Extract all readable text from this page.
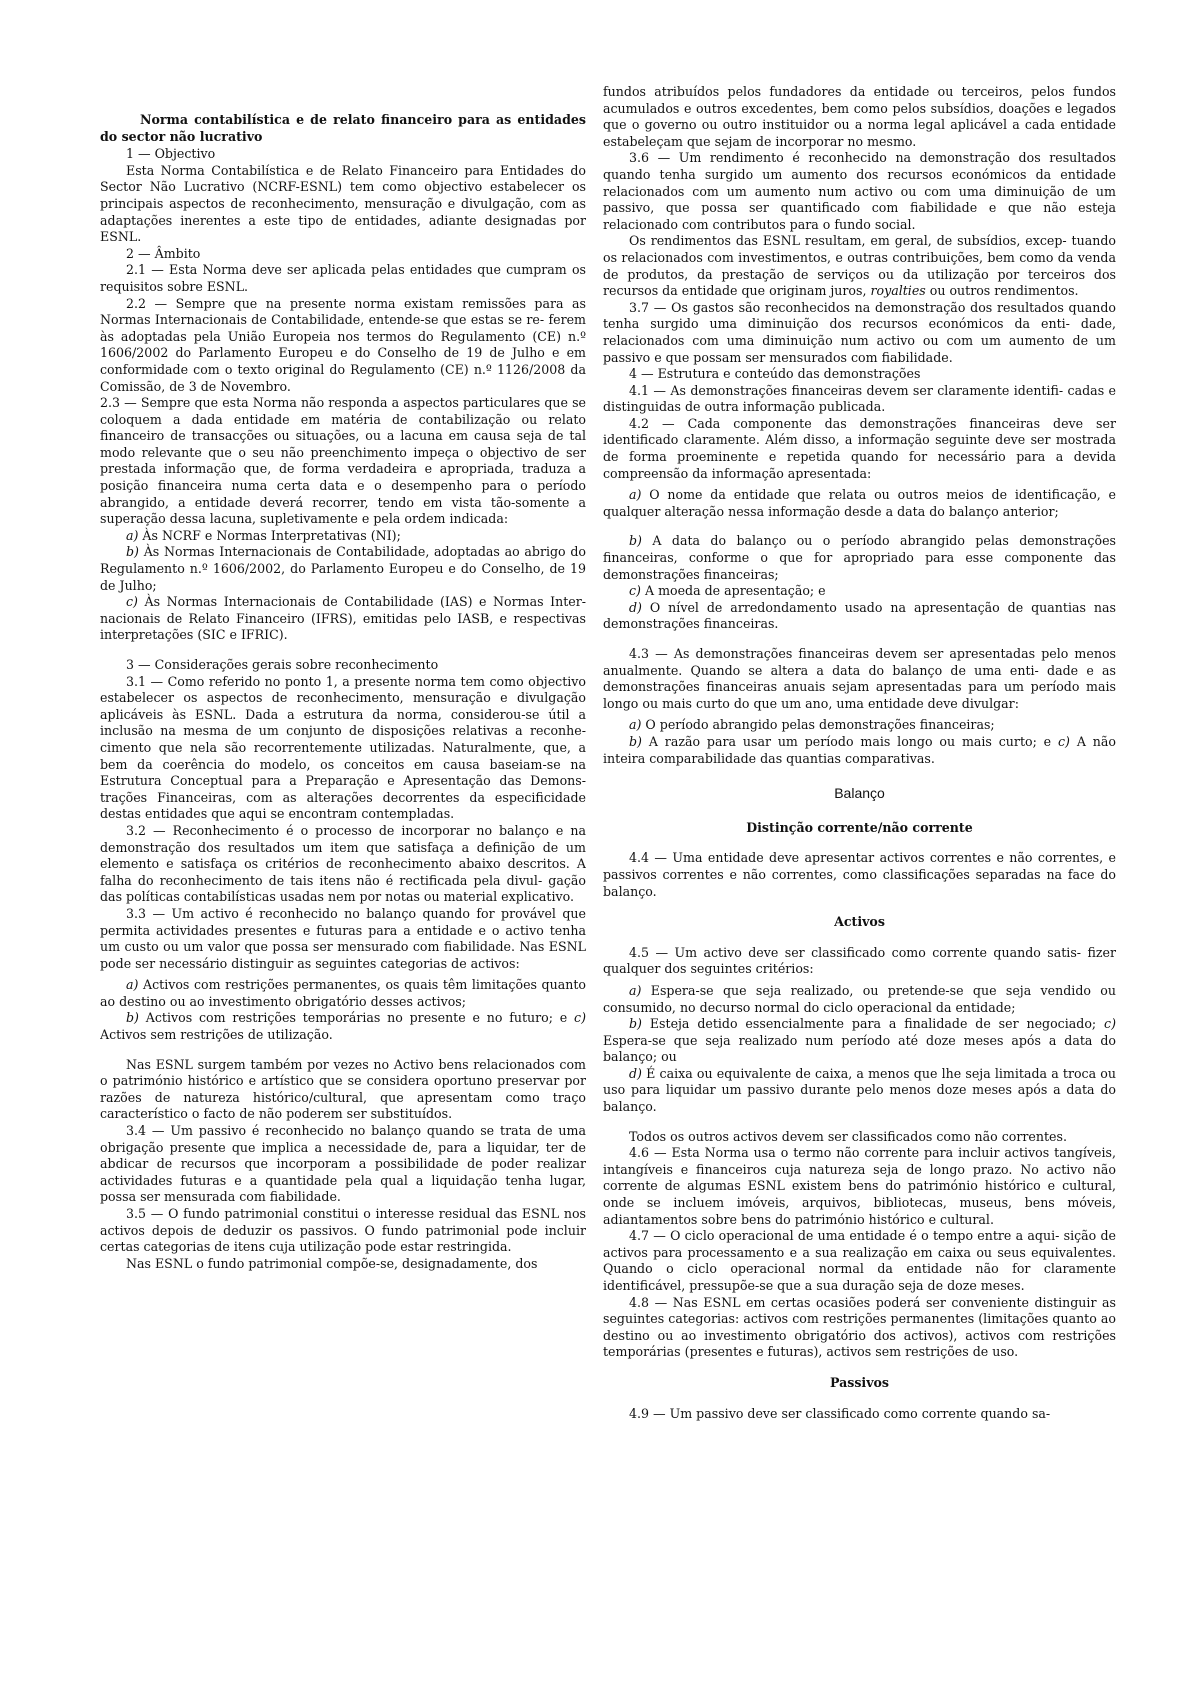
Norma contabilística e de relato financeiro para as entidades do sector não lucrativo

1 — Objectivo

Esta Norma Contabilística e de Relato Financeiro para Entidades do Sector Não Lucrativo (NCRF-ESNL) tem como objectivo estabelecer os principais aspectos de reconhecimento, mensuração e divulgação, com as adaptações inerentes a este tipo de entidades, adiante designadas por ESNL.

2 — Âmbito

2.1 — Esta Norma deve ser aplicada pelas entidades que cumpram os requisitos sobre ESNL.

2.2 — Sempre que na presente norma existam remissões para as Normas Internacionais de Contabilidade, entende-se que estas se re- ferem às adoptadas pela União Europeia nos termos do Regulamento (CE) n.º 1606/2002 do Parlamento Europeu e do Conselho de 19 de Julho e em conformidade com o texto original do Regulamento (CE) n.º 1126/2008 da Comissão, de 3 de Novembro.

2.3 — Sempre que esta Norma não responda a aspectos particulares que se coloquem a dada entidade em matéria de contabilização ou relato financeiro de transacções ou situações, ou a lacuna em causa seja de tal modo relevante que o seu não preenchimento impeça o objectivo de ser prestada informação que, de forma verdadeira e apropriada, traduza a posição financeira numa certa data e o desempenho para o período abrangido, a entidade deverá recorrer, tendo em vista tão-somente a superação dessa lacuna, supletivamente e pela ordem indicada:

a) Às NCRF e Normas Interpretativas (NI);

b) Às Normas Internacionais de Contabilidade, adoptadas ao abrigo do Regulamento n.º 1606/2002, do Parlamento Europeu e do Conselho, de 19 de Julho;

c) Às Normas Internacionais de Contabilidade (IAS) e Normas Inter- nacionais de Relato Financeiro (IFRS), emitidas pelo IASB, e respectivas interpretações (SIC e IFRIC).

3 — Considerações gerais sobre reconhecimento

3.1 — Como referido no ponto 1, a presente norma tem como objectivo estabelecer os aspectos de reconhecimento, mensuração e divulgação aplicáveis às ESNL. Dada a estrutura da norma, considerou-se útil a inclusão na mesma de um conjunto de disposições relativas a reconhe- cimento que nela são recorrentemente utilizadas. Naturalmente, que, a bem da coerência do modelo, os conceitos em causa baseiam-se na Estrutura Conceptual para a Preparação e Apresentação das Demons- trações Financeiras, com as alterações decorrentes da especificidade destas entidades que aqui se encontram contempladas.

3.2 — Reconhecimento é o processo de incorporar no balanço e na demonstração dos resultados um item que satisfaça a definição de um elemento e satisfaça os critérios de reconhecimento abaixo descritos. A falha do reconhecimento de tais itens não é rectificada pela divul- gação das políticas contabilísticas usadas nem por notas ou material explicativo.

3.3 — Um activo é reconhecido no balanço quando for provável que permita actividades presentes e futuras para a entidade e o activo tenha um custo ou um valor que possa ser mensurado com fiabilidade. Nas ESNL pode ser necessário distinguir as seguintes categorias de activos:

a) Activos com restrições permanentes, os quais têm limitações quanto ao destino ou ao investimento obrigatório desses activos;

b) Activos com restrições temporárias no presente e no futuro; e c) Activos sem restrições de utilização.

Nas ESNL surgem também por vezes no Activo bens relacionados com o património histórico e artístico que se considera oportuno preservar por razões de natureza histórico/cultural, que apresentam como traço característico o facto de não poderem ser substituídos.

3.4 — Um passivo é reconhecido no balanço quando se trata de uma obrigação presente que implica a necessidade de, para a liquidar, ter de abdicar de recursos que incorporam a possibilidade de poder realizar actividades futuras e a quantidade pela qual a liquidação tenha lugar, possa ser mensurada com fiabilidade.

3.5 — O fundo patrimonial constitui o interesse residual das ESNL nos activos depois de deduzir os passivos. O fundo patrimonial pode incluir certas categorias de itens cuja utilização pode estar restringida.

Nas ESNL o fundo patrimonial compõe-se, designadamente, dos

fundos atribuídos pelos fundadores da entidade ou terceiros, pelos fundos acumulados e outros excedentes, bem como pelos subsídios, doações e legados que o governo ou outro instituidor ou a norma legal aplicável a cada entidade estabeleçam que sejam de incorporar no mesmo.

3.6 — Um rendimento é reconhecido na demonstração dos resultados quando tenha surgido um aumento dos recursos económicos da entidade relacionados com um aumento num activo ou com uma diminuição de um passivo, que possa ser quantificado com fiabilidade e que não esteja relacionado com contributos para o fundo social.

Os rendimentos das ESNL resultam, em geral, de subsídios, excep- tuando os relacionados com investimentos, e outras contribuições, bem como da venda de produtos, da prestação de serviços ou da utilização por terceiros dos recursos da entidade que originam juros, royalties ou outros rendimentos.

3.7 — Os gastos são reconhecidos na demonstração dos resultados quando tenha surgido uma diminuição dos recursos económicos da enti- dade, relacionados com uma diminuição num activo ou com um aumento de um passivo e que possam ser mensurados com fiabilidade.

4 — Estrutura e conteúdo das demonstrações

4.1 — As demonstrações financeiras devem ser claramente identifi- cadas e distinguidas de outra informação publicada.

4.2 — Cada componente das demonstrações financeiras deve ser identificado claramente. Além disso, a informação seguinte deve ser mostrada de forma proeminente e repetida quando for necessário para a devida compreensão da informação apresentada:

a) O nome da entidade que relata ou outros meios de identificação, e qualquer alteração nessa informação desde a data do balanço anterior;

b) A data do balanço ou o período abrangido pelas demonstrações financeiras, conforme o que for apropriado para esse componente das demonstrações financeiras;

c) A moeda de apresentação; e

d) O nível de arredondamento usado na apresentação de quantias nas demonstrações financeiras.

4.3 — As demonstrações financeiras devem ser apresentadas pelo menos anualmente. Quando se altera a data do balanço de uma enti- dade e as demonstrações financeiras anuais sejam apresentadas para um período mais longo ou mais curto do que um ano, uma entidade deve divulgar:

a) O período abrangido pelas demonstrações financeiras;

b) A razão para usar um período mais longo ou mais curto; e c) A não inteira comparabilidade das quantias comparativas.

Balanço

Distinção corrente/não corrente

4.4 — Uma entidade deve apresentar activos correntes e não correntes, e passivos correntes e não correntes, como classificações separadas na face do balanço.

Activos

4.5 — Um activo deve ser classificado como corrente quando satis- fizer qualquer dos seguintes critérios:

a) Espera-se que seja realizado, ou pretende-se que seja vendido ou consumido, no decurso normal do ciclo operacional da entidade;

b) Esteja detido essencialmente para a finalidade de ser negociado; c) Espera-se que seja realizado num período até doze meses após a data do balanço; ou

d) É caixa ou equivalente de caixa, a menos que lhe seja limitada a troca ou uso para liquidar um passivo durante pelo menos doze meses após a data do balanço.

Todos os outros activos devem ser classificados como não correntes.

4.6 — Esta Norma usa o termo não corrente para incluir activos tangíveis, intangíveis e financeiros cuja natureza seja de longo prazo. No activo não corrente de algumas ESNL existem bens do património histórico e cultural, onde se incluem imóveis, arquivos, bibliotecas, museus, bens móveis, adiantamentos sobre bens do património histórico e cultural.

4.7 — O ciclo operacional de uma entidade é o tempo entre a aqui- sição de activos para processamento e a sua realização em caixa ou seus equivalentes. Quando o ciclo operacional normal da entidade não for claramente identificável, pressupõe-se que a sua duração seja de doze meses.

4.8 — Nas ESNL em certas ocasiões poderá ser conveniente distinguir as seguintes categorias: activos com restrições permanentes (limitações quanto ao destino ou ao investimento obrigatório dos activos), activos com restrições temporárias (presentes e futuras), activos sem restrições de uso.

Passivos

4.9 — Um passivo deve ser classificado como corrente quando sa-
